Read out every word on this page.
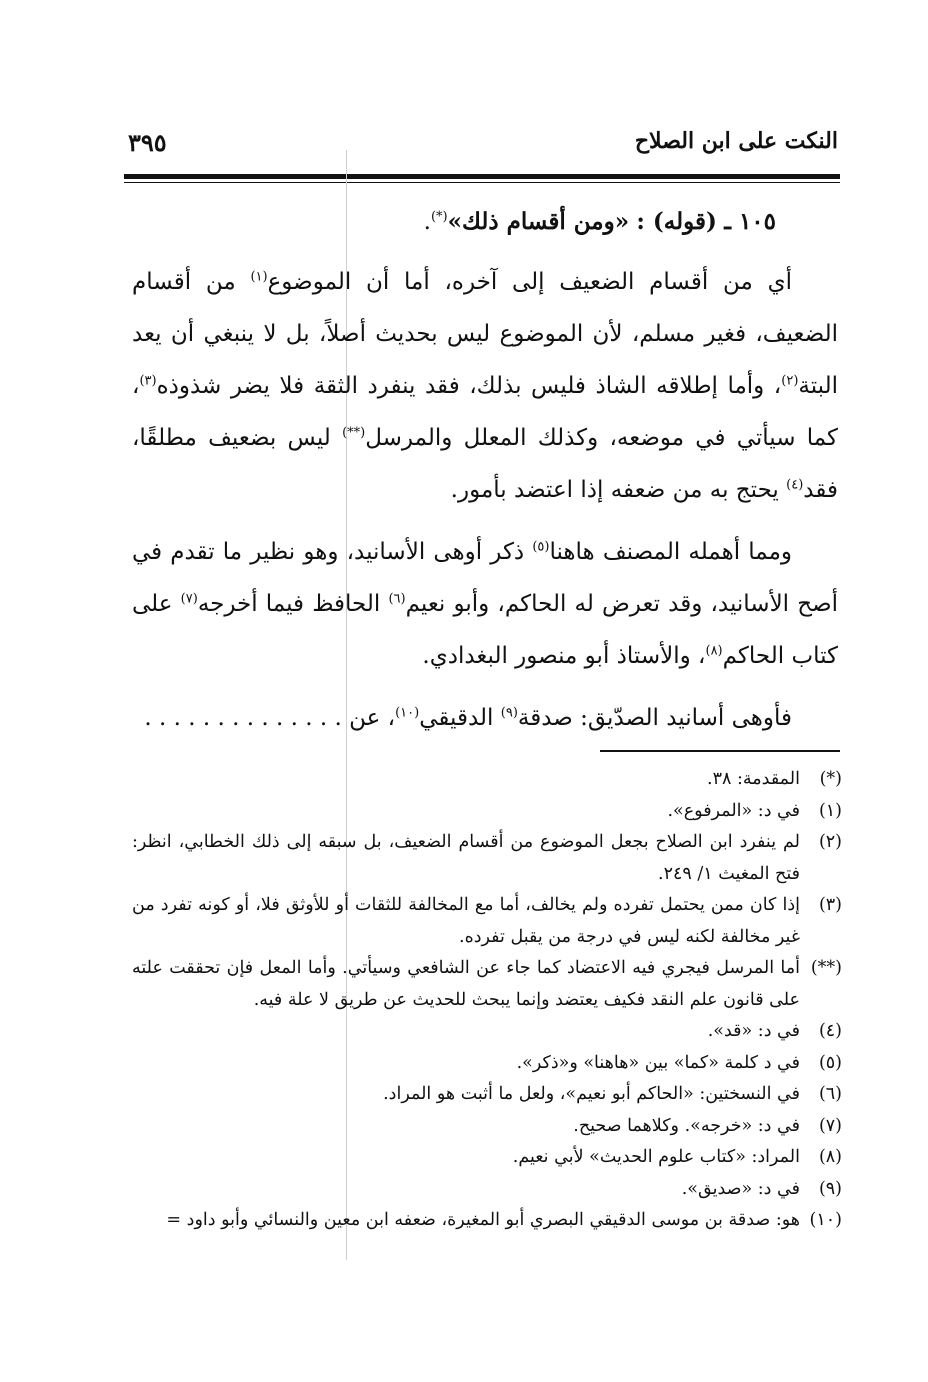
النكت على ابن الصلاح
٣٩٥
١٠٥ ـ (قوله) : «ومن أقسام ذلك»(*).

أي من أقسام الضعيف إلى آخره، أما أن الموضوع$^{(١)}$ من أقسام الضعيف، فغير مسلم، لأن الموضوع ليس بحديث أصلاً، بل لا ينبغي أن يعد البتة$^{(٢)}$، وأما إطلاقه الشاذ فليس بذلك، فقد ينفرد الثقة فلا يضر شذوذه$^{(٣)}$، كما سيأتي في موضعه، وكذلك المعلل والمرسل(**) ليس بضعيف مطلقًا، فقد$^{(٤)}$ يحتج به من ضعفه إذا اعتضد بأمور.

ومما أهمله المصنف هاهنا$^{(٥)}$ ذكر أوهى الأسانيد، وهو نظير ما تقدم في أصح الأسانيد، وقد تعرض له الحاكم، وأبو نعيم$^{(٦)}$ الحافظ فيما أخرجه$^{(٧)}$ على كتاب الحاكم$^{(٨)}$، والأستاذ أبو منصور البغدادي.

فأوهى أسانيد الصدّيق: صدقة$^{(٩)}$ الدقيقي$^{(١٠)}$، عن . . . . . . . . . . . . . .

(*)
المقدمة: ٣٨.

(١)
في د: «المرفوع».

(٢)
لم ينفرد ابن الصلاح بجعل الموضوع من أقسام الضعيف، بل سبقه إلى ذلك الخطابي، انظر: فتح المغيث ١/ ٢٤٩.

(٣)
إذا كان ممن يحتمل تفرده ولم يخالف، أما مع المخالفة للثقات أو للأوثق فلا، أو كونه تفرد من غير مخالفة لكنه ليس في درجة من يقبل تفرده.

(**)
أما المرسل فيجري فيه الاعتضاد كما جاء عن الشافعي وسيأتي. وأما المعل فإن تحققت علته على قانون علم النقد فكيف يعتضد وإنما يبحث للحديث عن طريق لا علة فيه.

(٤)
في د: «قد».

(٥)
في د كلمة «كما» بين «هاهنا» و«ذكر».

(٦)
في النسختين: «الحاكم أبو نعيم»، ولعل ما أثبت هو المراد.

(٧)
في د: «خرجه». وكلاهما صحيح.

(٨)
المراد: «كتاب علوم الحديث» لأبي نعيم.

(٩)
في د: «صديق».

(١٠)
هو: صدقة بن موسى الدقيقي البصري أبو المغيرة، ضعفه ابن معين والنسائي وأبو داود =
